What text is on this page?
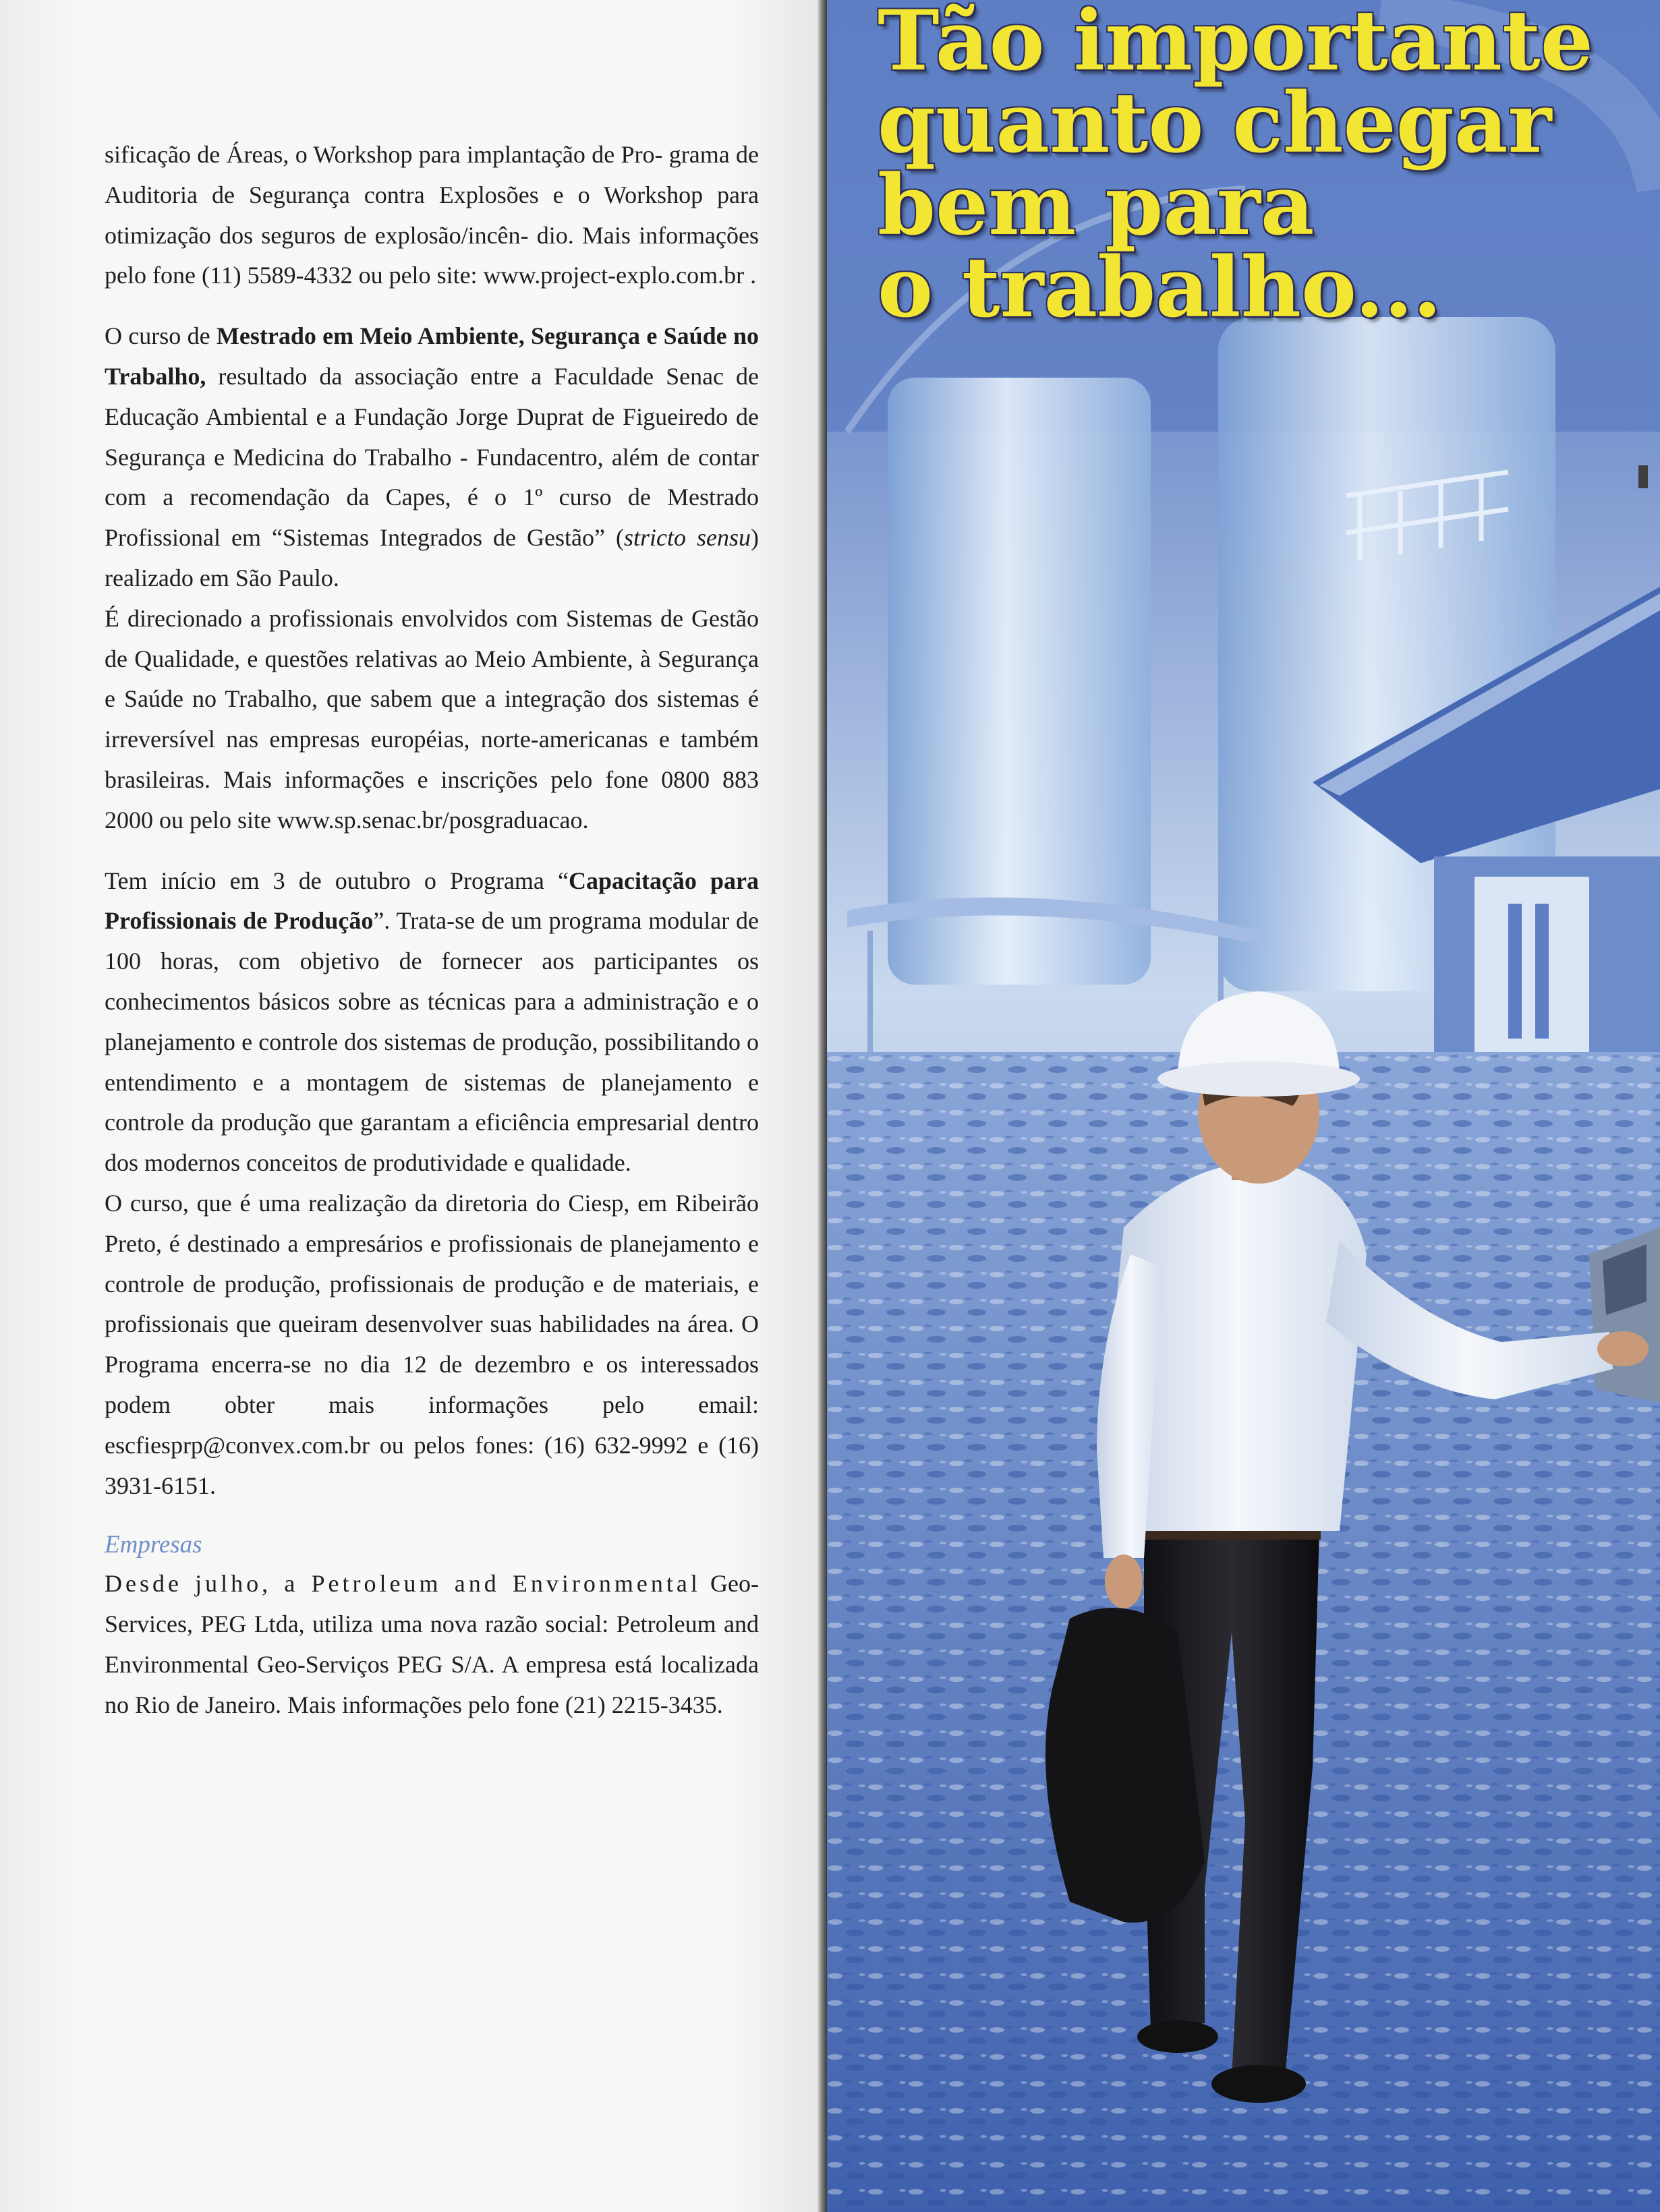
sificação de Áreas, o Workshop para implantação de Pro- grama de Auditoria de Segurança contra Explosões e o Workshop para otimização dos seguros de explosão/incên- dio. Mais informações pelo fone (11) 5589-4332 ou pelo site: www.project-explo.com.br .

O curso de Mestrado em Meio Ambiente, Segurança e Saúde no Trabalho, resultado da associação entre a Faculdade Senac de Educação Ambiental e a Fundação Jorge Duprat de Figueiredo de Segurança e Medicina do Trabalho - Fundacentro, além de contar com a recomendação da Capes, é o 1º curso de Mestrado Profissional em “Sistemas Integrados de Gestão” (stricto sensu) realizado em São Paulo.

É direcionado a profissionais envolvidos com Sistemas de Gestão de Qualidade, e questões relativas ao Meio Ambiente, à Segurança e Saúde no Trabalho, que sabem que a integração dos sistemas é irreversível nas empresas européias, norte-americanas e também brasileiras. Mais informações e inscrições pelo fone 0800 883 2000 ou pelo site www.sp.senac.br/posgraduacao.

Tem início em 3 de outubro o Programa “Capacitação para Profissionais de Produção”. Trata-se de um programa modular de 100 horas, com objetivo de fornecer aos participantes os conhecimentos básicos sobre as técnicas para a administração e o planejamento e controle dos sistemas de produção, possibilitando o entendimento e a montagem de sistemas de planejamento e controle da produção que garantam a eficiência empresarial dentro dos modernos conceitos de produtividade e qualidade.

O curso, que é uma realização da diretoria do Ciesp, em Ribeirão Preto, é destinado a empresários e profissionais de planejamento e controle de produção, profissionais de produção e de materiais, e profissionais que queiram desenvolver suas habilidades na área. O Programa encerra-se no dia 12 de dezembro e os interessados podem obter mais informações pelo email: escfiesprp@convex.com.br ou pelos fones: (16) 632-9992 e (16) 3931-6151.

Empresas

Desde julho, a Petroleum and Environmental Geo-Services, PEG Ltda, utiliza uma nova razão social: Petroleum and Environmental Geo-Serviços PEG S/A. A empresa está localizada no Rio de Janeiro. Mais informações pelo fone (21) 2215-3435.

Tão importante
quanto chegar
bem para
o trabalho...
